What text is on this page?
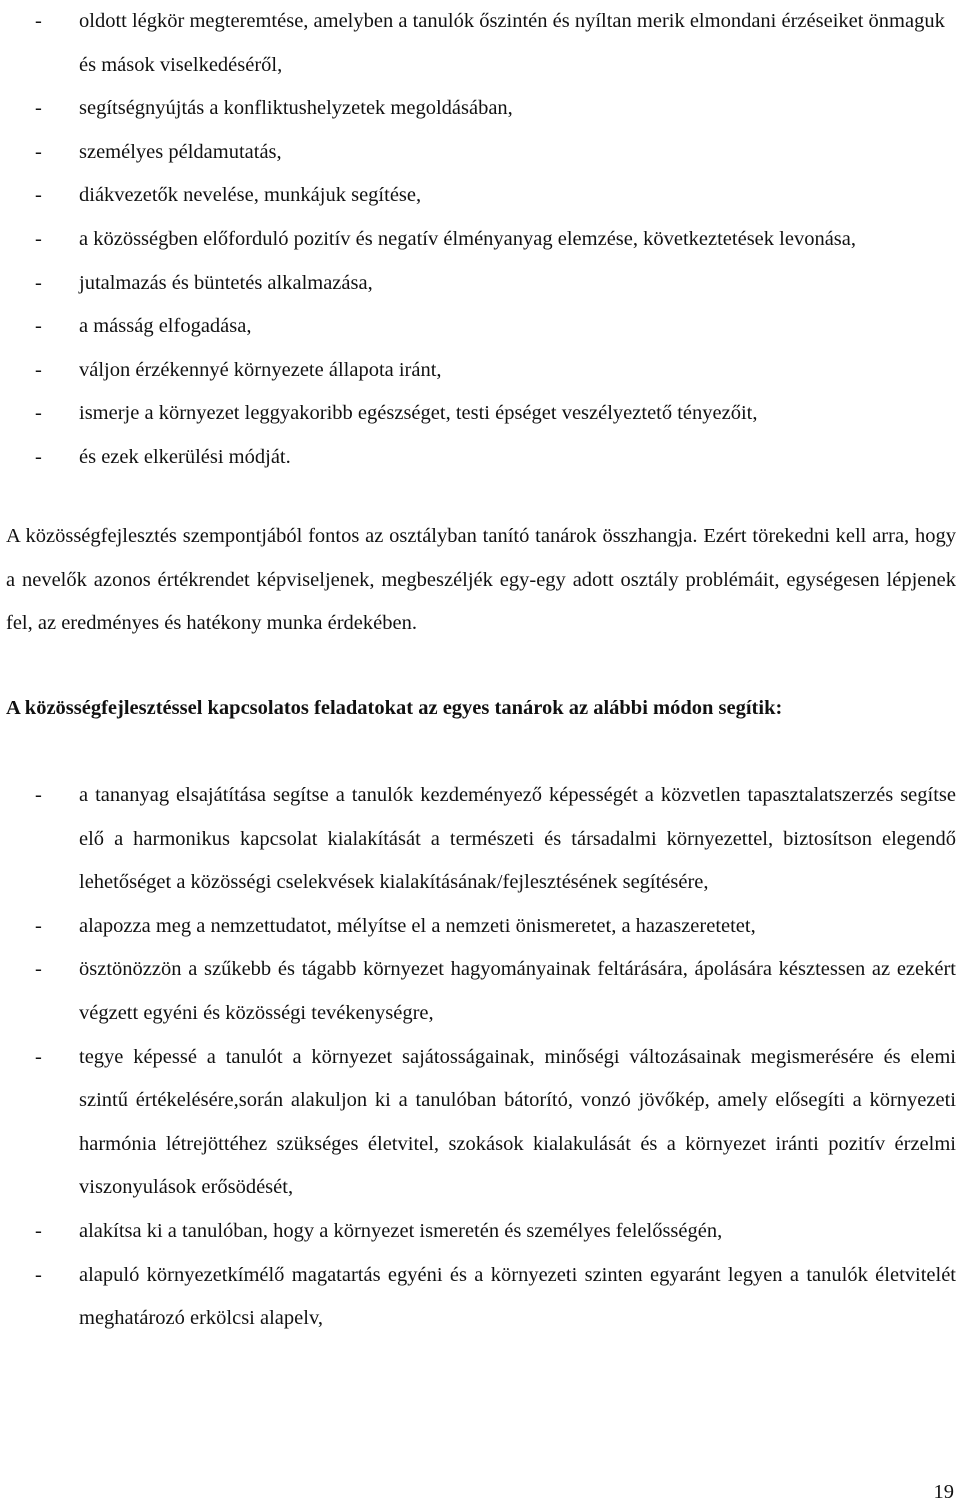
- oldott légkör megteremtése, amelyben a tanulók őszintén és nyíltan merik elmondani érzéseiket önmaguk és mások viselkedéséről,
- segítségnyújtás a konfliktushelyzetek megoldásában,
- személyes példamutatás,
- diákvezetők nevelése, munkájuk segítése,
- a közösségben előforduló pozitív és negatív élményanyag elemzése, következtetések levonása,
- jutalmazás és büntetés alkalmazása,
- a másság elfogadása,
- váljon érzékennyé környezete állapota iránt,
- ismerje a környezet leggyakoribb egészséget, testi épséget veszélyeztető tényezőit,
- és ezek elkerülési módját.

A közösségfejlesztés szempontjából fontos az osztályban tanító tanárok összhangja. Ezért törekedni kell arra, hogy a nevelők azonos értékrendet képviseljenek, megbeszéljék egy-egy adott osztály problémáit, egységesen lépjenek fel, az eredményes és hatékony munka érdekében.

A közösségfejlesztéssel kapcsolatos feladatokat az egyes tanárok az alábbi módon segítik:

- a tananyag elsajátítása segítse a tanulók kezdeményező képességét a közvetlen tapasztalatszerzés segítse elő a harmonikus kapcsolat kialakítását a természeti és társadalmi környezettel, biztosítson elegendő lehetőséget a közösségi cselekvések kialakításának/fejlesztésének segítésére,
- alapozza meg a nemzettudatot, mélyítse el a nemzeti önismeretet, a hazaszeretetet,
- ösztönözzön a szűkebb és tágabb környezet hagyományainak feltárására, ápolására késztessen az ezekért végzett egyéni és közösségi tevékenységre,
- tegye képessé a tanulót a környezet sajátosságainak, minőségi változásainak megismerésére és elemi szintű értékelésére,során alakuljon ki a tanulóban bátorító, vonzó jövőkép, amely elősegíti a környezeti harmónia létrejöttéhez szükséges életvitel, szokások kialakulását és a környezet iránti pozitív érzelmi viszonyulások erősödését,
- alakítsa ki a tanulóban, hogy a környezet ismeretén és személyes felelősségén,
- alapuló környezetkímélő magatartás egyéni és a környezeti szinten egyaránt legyen a tanulók életvitelét meghatározó erkölcsi alapelv,
19
